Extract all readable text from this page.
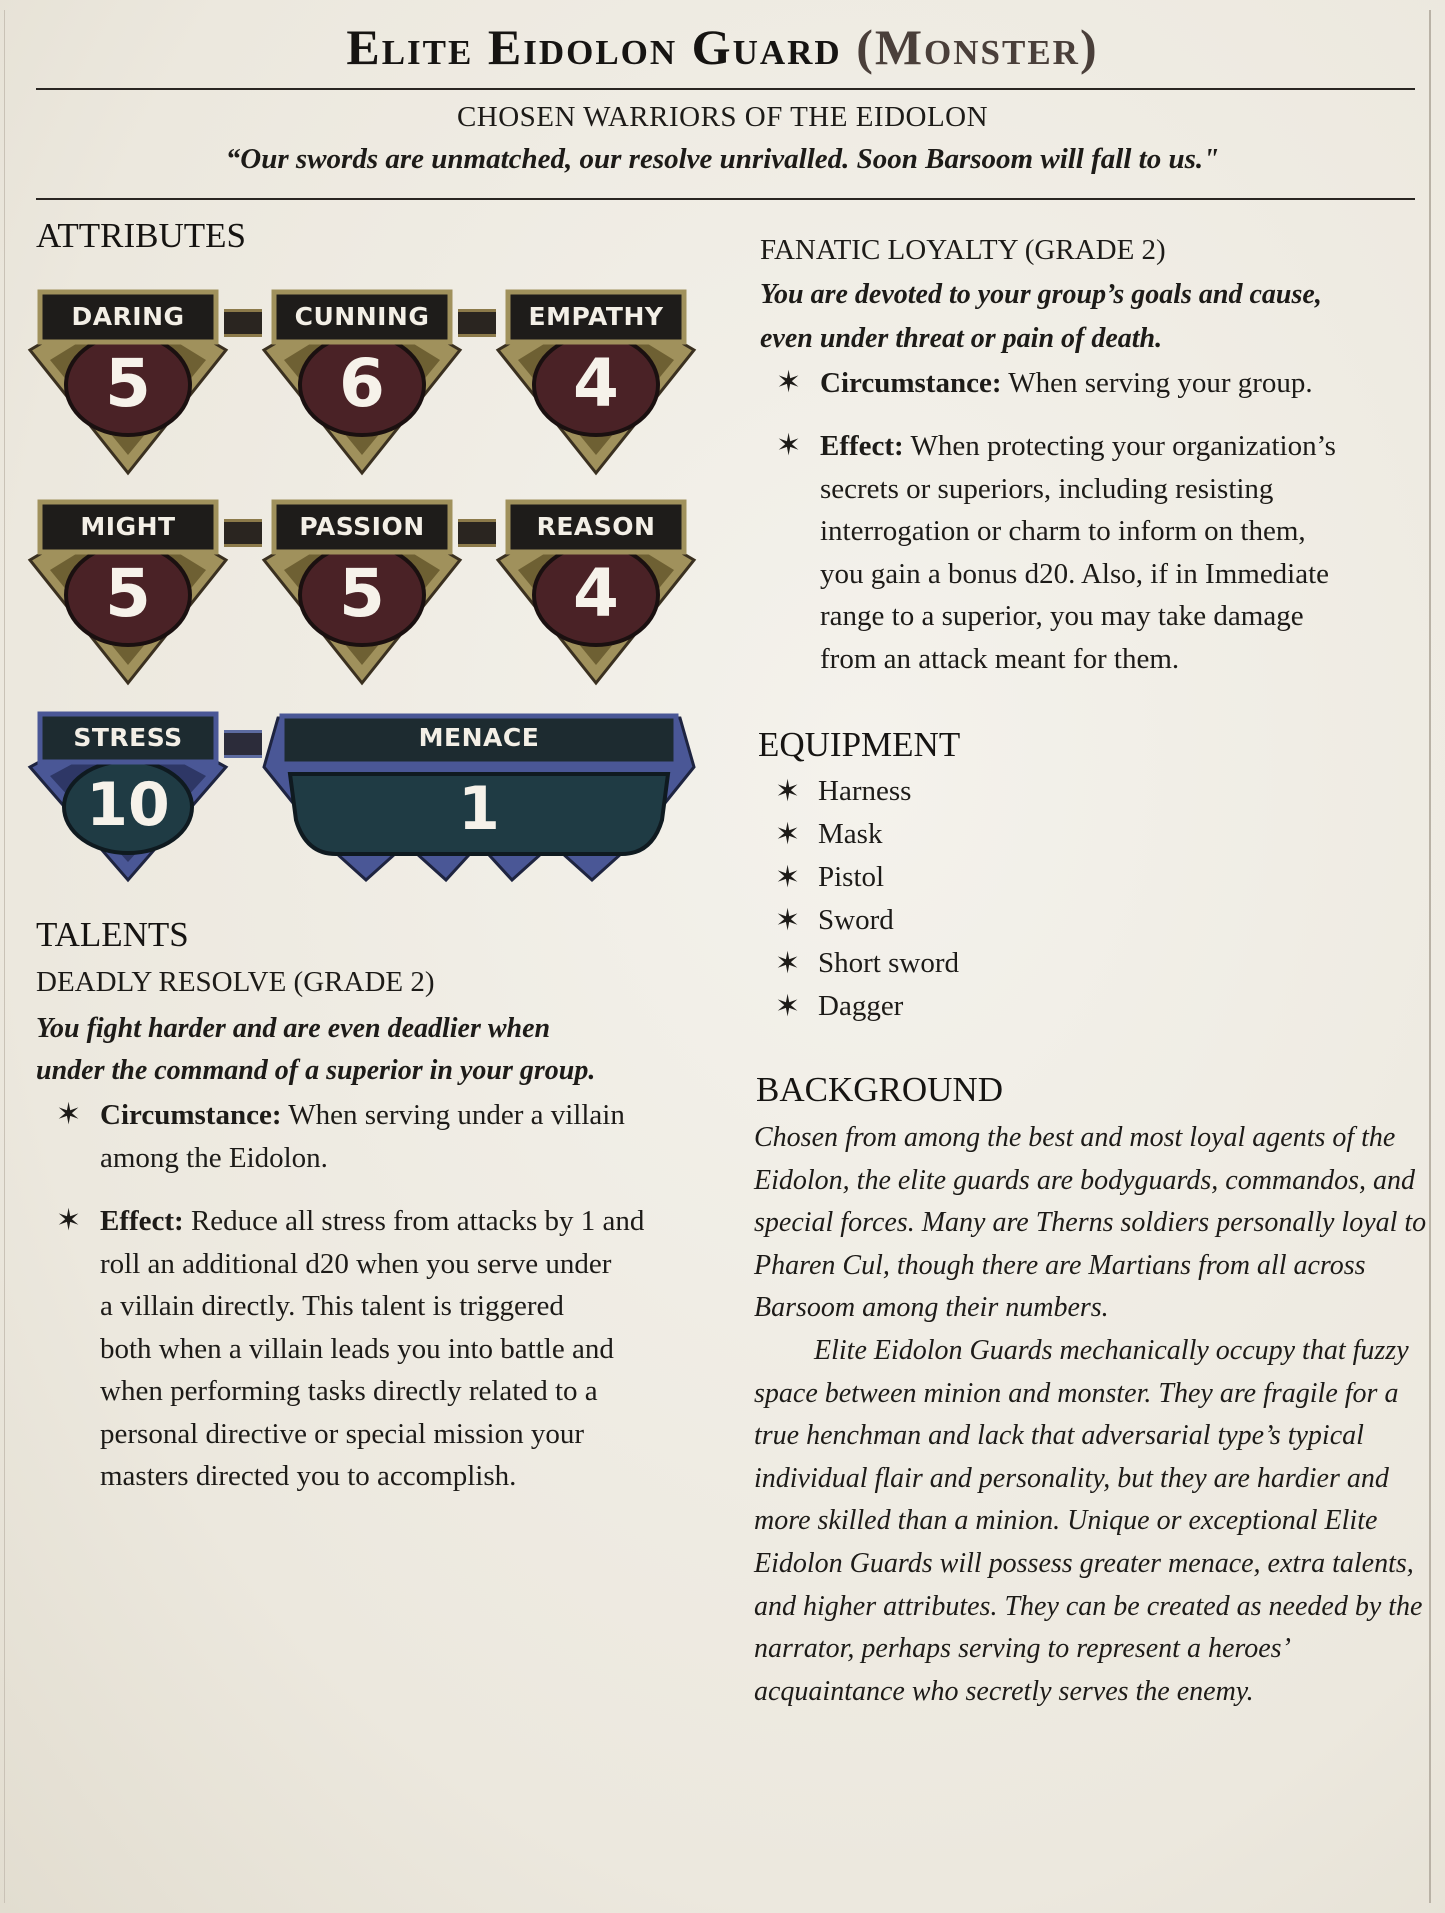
Elite Eidolon Guard (Monster)
CHOSEN WARRIORS OF THE EIDOLON
“Our swords are unmatched, our resolve unrivalled. Soon Barsoom will fall to us."
ATTRIBUTES
DARING
5
CUNNING
6
EMPATHY
4
MIGHT
5
PASSION
5
REASON
4
STRESS
10
MENACE
1
TALENTS
DEADLY RESOLVE (GRADE 2)
You fight harder and are even deadlier when
under the command of a superior in your group.
✶ Circumstance: When serving under a villain
among the Eidolon.
✶ Effect: Reduce all stress from attacks by 1 and
roll an additional d20 when you serve under
a villain directly. This talent is triggered
both when a villain leads you into battle and
when performing tasks directly related to a
personal directive or special mission your
masters directed you to accomplish.
FANATIC LOYALTY (GRADE 2)
You are devoted to your group’s goals and cause,
even under threat or pain of death.
✶ Circumstance: When serving your group.
✶ Effect: When protecting your organization’s
secrets or superiors, including resisting
interrogation or charm to inform on them,
you gain a bonus d20. Also, if in Immediate
range to a superior, you may take damage
from an attack meant for them.
EQUIPMENT
✶ Harness
✶ Mask
✶ Pistol
✶ Sword
✶ Short sword
✶ Dagger
BACKGROUND

Chosen from among the best and most loyal agents of the Eidolon, the elite guards are bodyguards, commandos, and special forces. Many are Therns soldiers personally loyal to Pharen Cul, though there are Martians from all across Barsoom among their numbers.

Elite Eidolon Guards mechanically occupy that fuzzy space between minion and monster. They are fragile for a true henchman and lack that adversarial type’s typical individual flair and personality, but they are hardier and more skilled than a minion. Unique or exceptional Elite Eidolon Guards will possess greater menace, extra talents, and higher attributes. They can be created as needed by the narrator, perhaps serving to represent a heroes’ acquaintance who secretly serves the enemy.
